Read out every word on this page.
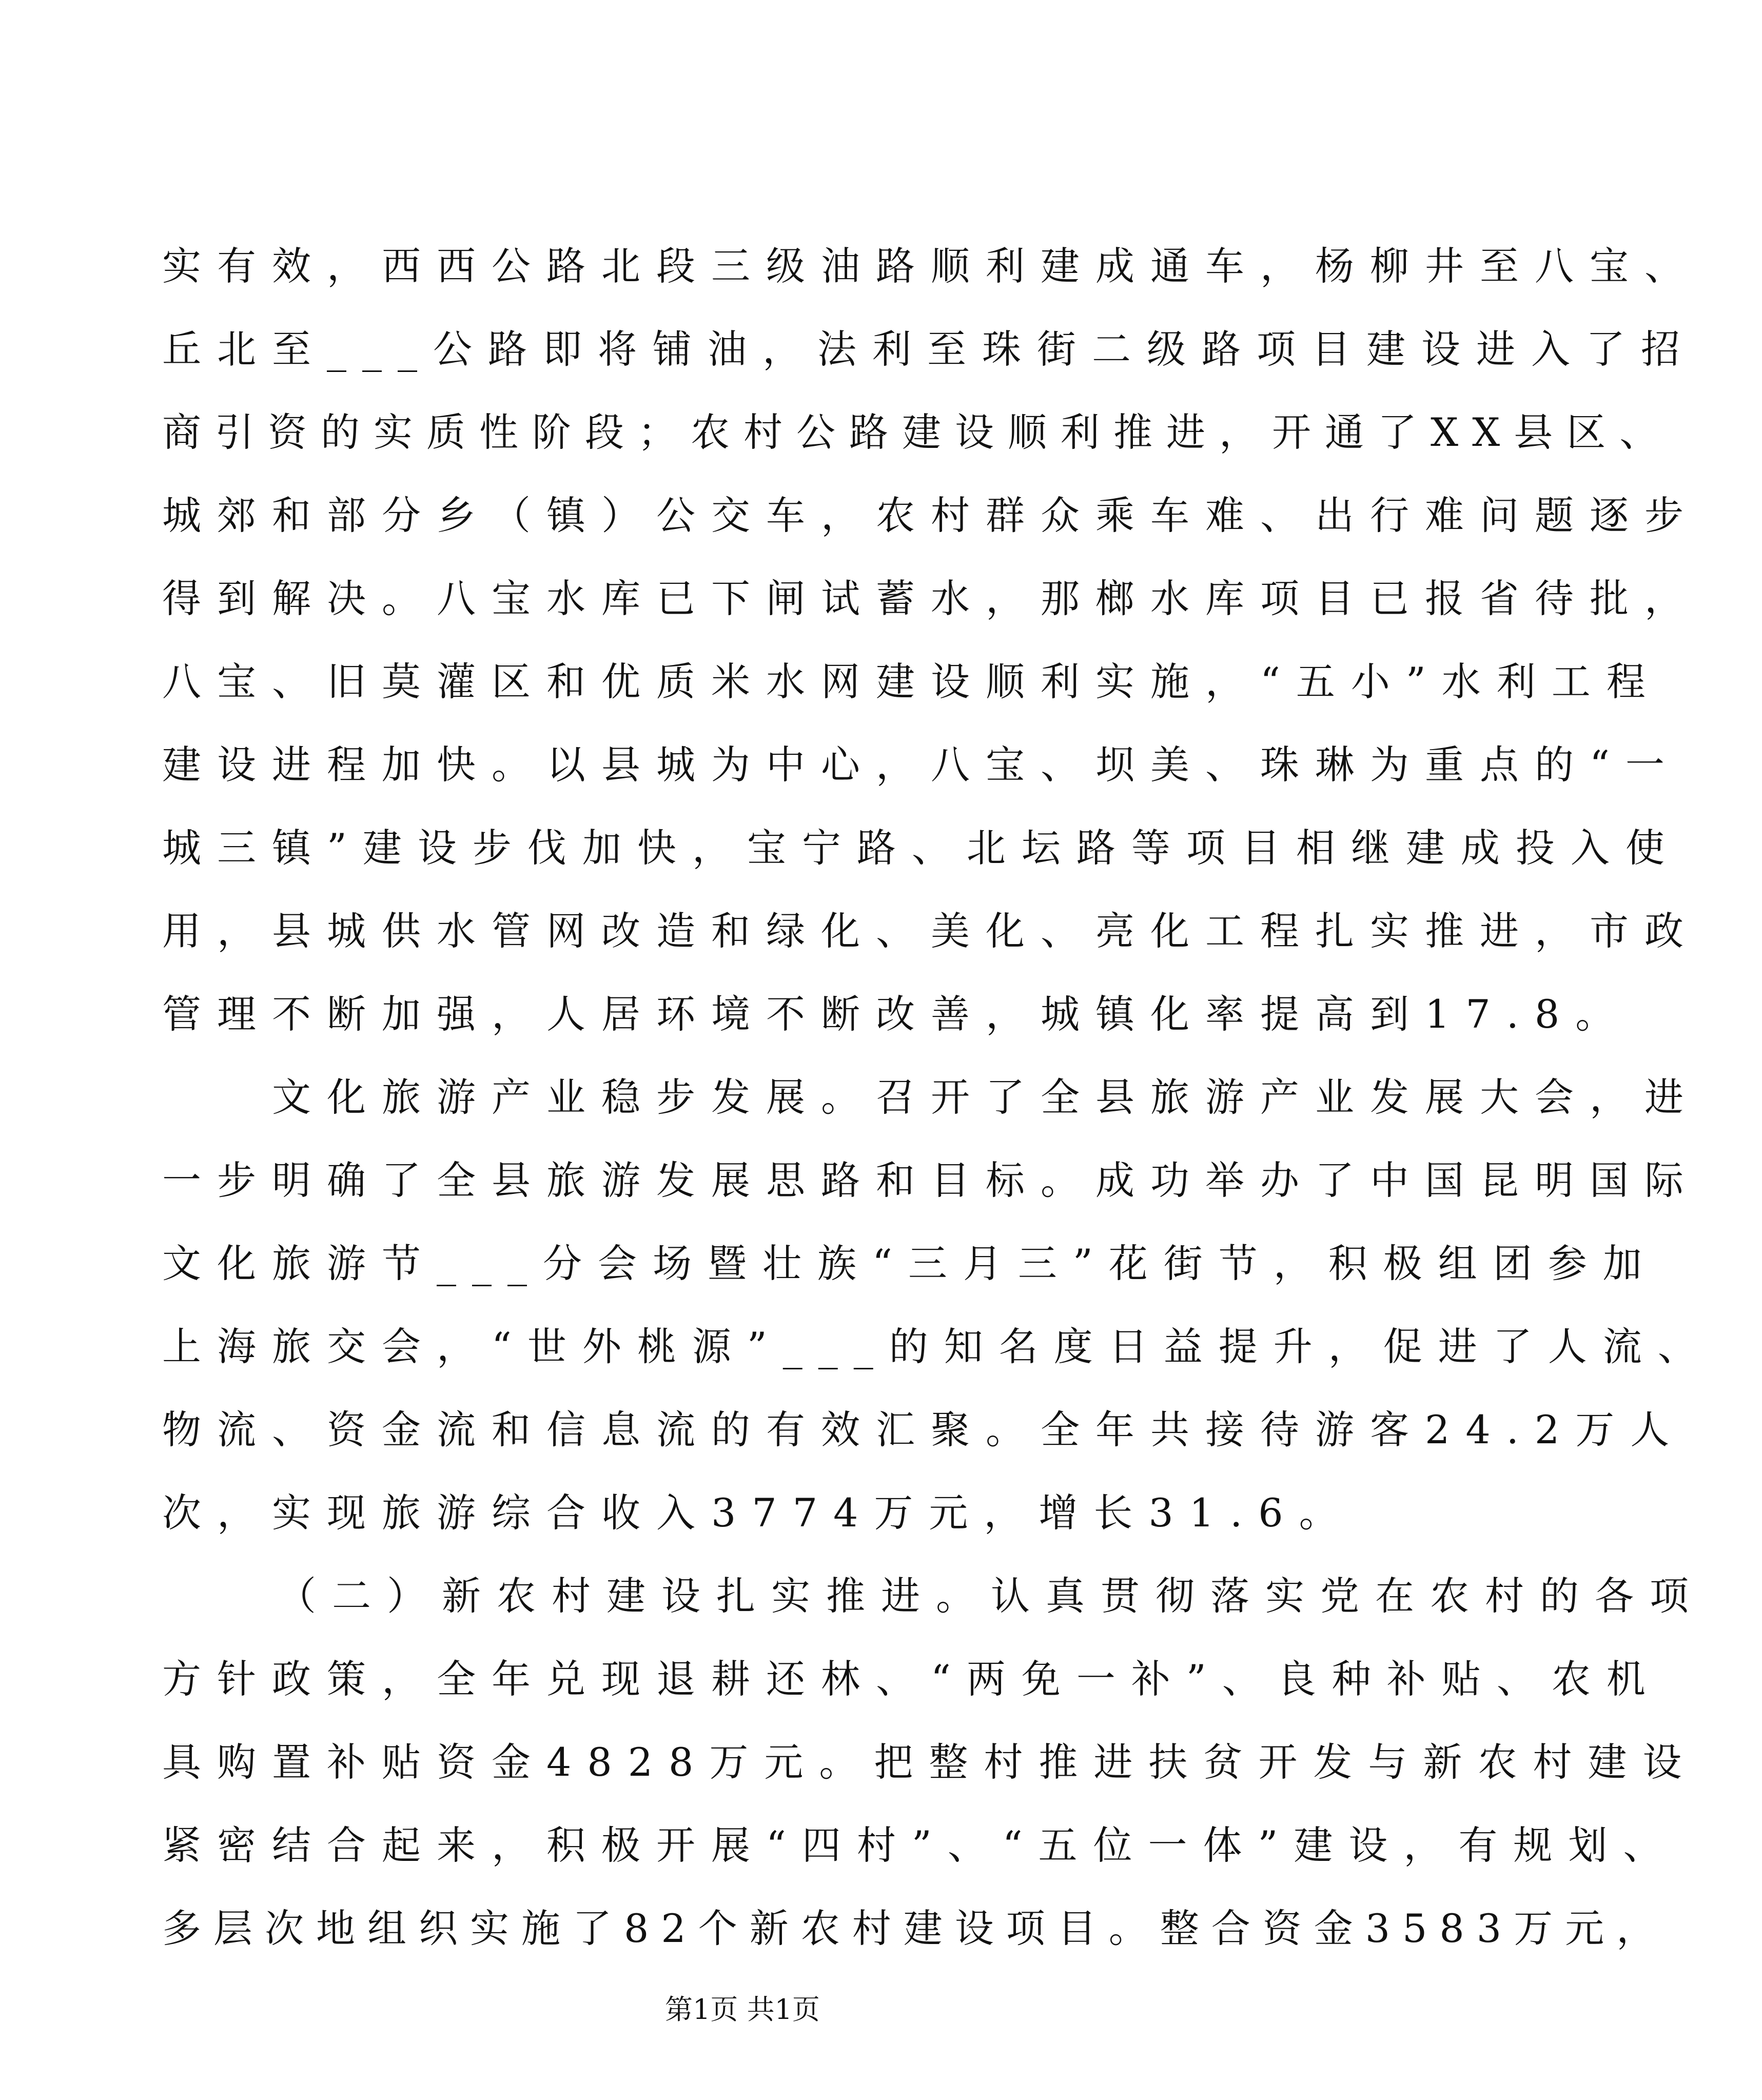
实有效，西西公路北段三级油路顺利建成通车，杨柳井至八宝、
丘北至___公路即将铺油，法利至珠街二级路项目建设进入了招
商引资的实质性阶段；农村公路建设顺利推进，开通了XX县区、
城郊和部分乡（镇）公交车，农村群众乘车难、出行难问题逐步
得到解决。八宝水库已下闸试蓄水，那榔水库项目已报省待批，
八宝、旧莫灌区和优质米水网建设顺利实施，“五小”水利工程
建设进程加快。以县城为中心，八宝、坝美、珠琳为重点的“一
城三镇”建设步伐加快，宝宁路、北坛路等项目相继建成投入使
用，县城供水管网改造和绿化、美化、亮化工程扎实推进，市政
管理不断加强，人居环境不断改善，城镇化率提高到17.8。
文化旅游产业稳步发展。召开了全县旅游产业发展大会，进
一步明确了全县旅游发展思路和目标。成功举办了中国昆明国际
文化旅游节___分会场暨壮族“三月三”花街节，积极组团参加
上海旅交会，“世外桃源”___的知名度日益提升，促进了人流、
物流、资金流和信息流的有效汇聚。全年共接待游客24.2万人
次，实现旅游综合收入3774万元，增长31.6。
（二）新农村建设扎实推进。认真贯彻落实党在农村的各项
方针政策，全年兑现退耕还林、“两免一补”、良种补贴、农机
具购置补贴资金4828万元。把整村推进扶贫开发与新农村建设
紧密结合起来，积极开展“四村”、“五位一体”建设，有规划、
多层次地组织实施了82个新农村建设项目。整合资金3583万元，
第1页 共1页
